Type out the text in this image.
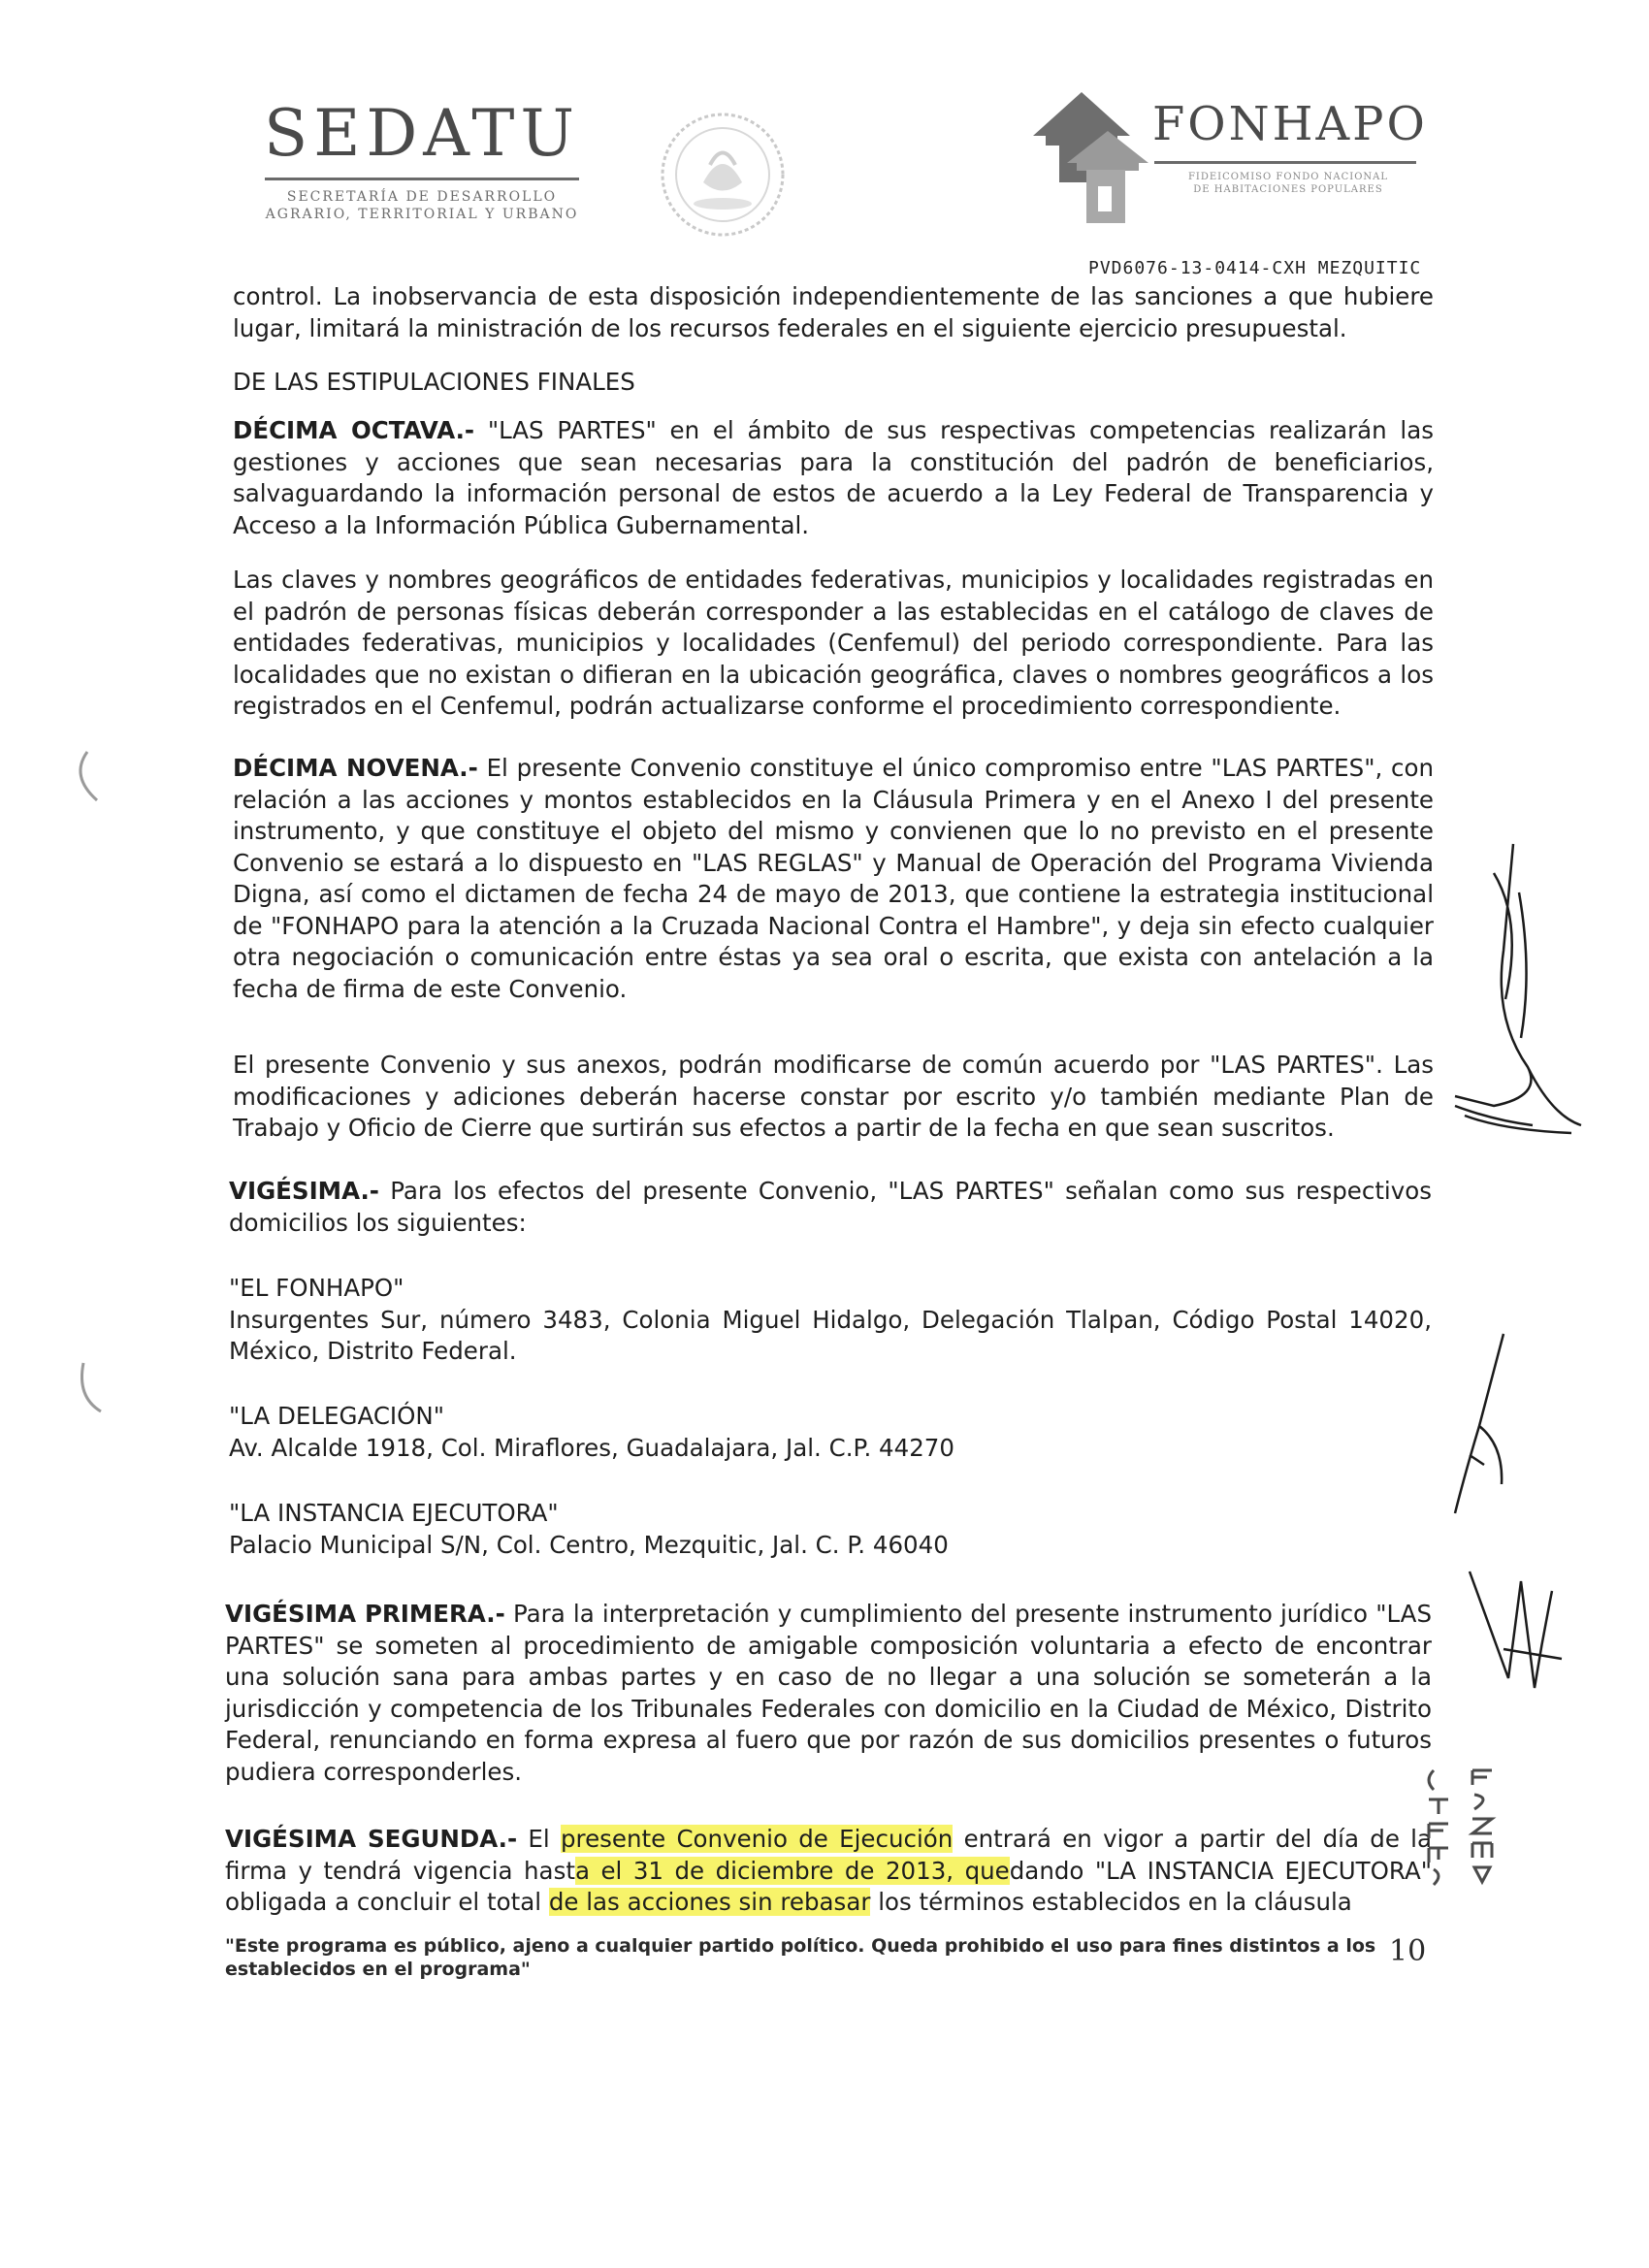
SEDATU
SECRETARÍA DE DESARROLLO
AGRARIO, TERRITORIAL Y URBANO
FONHAPO
FIDEICOMISO FONDO NACIONAL
DE HABITACIONES POPULARES
PVD6076-13-0414-CXH MEZQUITIC
control. La inobservancia de esta disposición independientemente de las sanciones a que hubiere lugar, limitará la ministración de los recursos federales en el siguiente ejercicio presupuestal.
DE LAS ESTIPULACIONES FINALES
DÉCIMA OCTAVA.- "LAS PARTES" en el ámbito de sus respectivas competencias realizarán las gestiones y acciones que sean necesarias para la constitución del padrón de beneficiarios, salvaguardando la información personal de estos de acuerdo a la Ley Federal de Transparencia y Acceso a la Información Pública Gubernamental.
Las claves y nombres geográficos de entidades federativas, municipios y localidades registradas en el padrón de personas físicas deberán corresponder a las establecidas en el catálogo de claves de entidades federativas, municipios y localidades (Cenfemul) del periodo correspondiente. Para las localidades que no existan o difieran en la ubicación geográfica, claves o nombres geográficos a los registrados en el Cenfemul, podrán actualizarse conforme el procedimiento correspondiente.
DÉCIMA NOVENA.- El presente Convenio constituye el único compromiso entre "LAS PARTES", con relación a las acciones y montos establecidos en la Cláusula Primera y en el Anexo I del presente instrumento, y que constituye el objeto del mismo y convienen que lo no previsto en el presente Convenio se estará a lo dispuesto en "LAS REGLAS" y Manual de Operación del Programa Vivienda Digna, así como el dictamen de fecha 24 de mayo de 2013, que contiene la estrategia institucional de "FONHAPO para la atención a la Cruzada Nacional Contra el Hambre", y deja sin efecto cualquier otra negociación o comunicación entre éstas ya sea oral o escrita, que exista con antelación a la fecha de firma de este Convenio.
El presente Convenio y sus anexos, podrán modificarse de común acuerdo por "LAS PARTES". Las modificaciones y adiciones deberán hacerse constar por escrito y/o también mediante Plan de Trabajo y Oficio de Cierre que surtirán sus efectos a partir de la fecha en que sean suscritos.
VIGÉSIMA.- Para los efectos del presente Convenio, "LAS PARTES" señalan como sus respectivos domicilios los siguientes:
"EL FONHAPO"
Insurgentes Sur, número 3483, Colonia Miguel Hidalgo, Delegación Tlalpan, Código Postal 14020, México, Distrito Federal.
"LA DELEGACIÓN"
Av. Alcalde 1918, Col. Miraflores, Guadalajara, Jal. C.P. 44270
"LA INSTANCIA EJECUTORA"
Palacio Municipal S/N, Col. Centro, Mezquitic, Jal. C. P. 46040
VIGÉSIMA PRIMERA.- Para la interpretación y cumplimiento del presente instrumento jurídico "LAS PARTES" se someten al procedimiento de amigable composición voluntaria a efecto de encontrar una solución sana para ambas partes y en caso de no llegar a una solución se someterán a la jurisdicción y competencia de los Tribunales Federales con domicilio en la Ciudad de México, Distrito Federal, renunciando en forma expresa al fuero que por razón de sus domicilios presentes o futuros pudiera corresponderles.
VIGÉSIMA SEGUNDA.- El presente Convenio de Ejecución entrará en vigor a partir del día de la firma y tendrá vigencia hasta el 31 de diciembre de 2013, quedando "LA INSTANCIA EJECUTORA" obligada a concluir el total de las acciones sin rebasar los términos establecidos en la cláusula
"Este programa es público, ajeno a cualquier partido político. Queda prohibido el uso para fines distintos a los establecidos en el programa"
10
